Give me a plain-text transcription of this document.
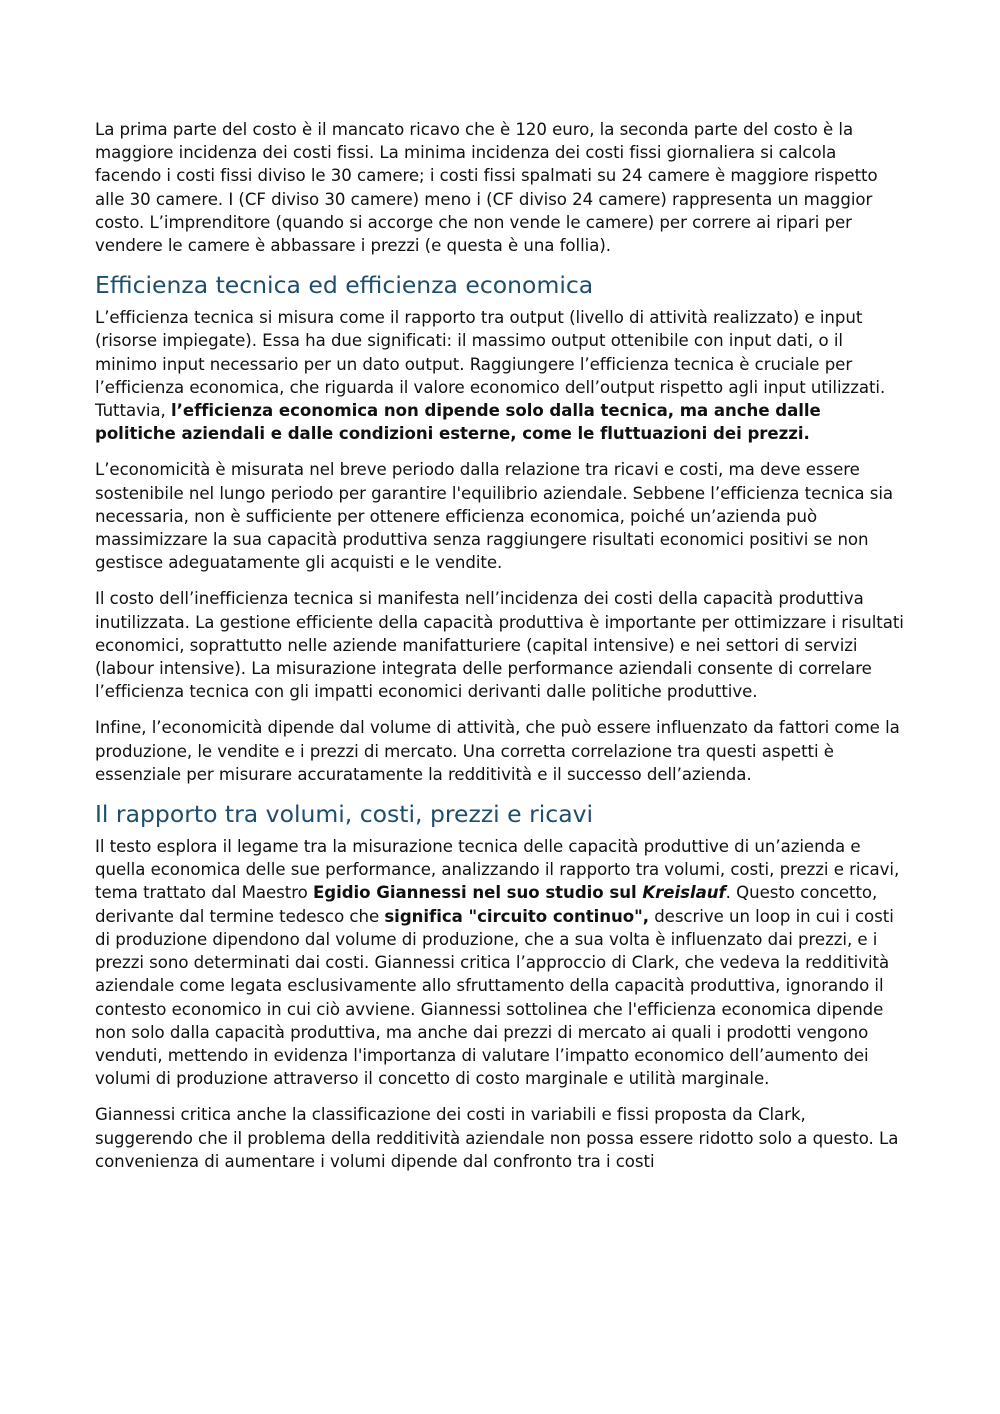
La prima parte del costo è il mancato ricavo che è 120 euro, la seconda parte del costo è la maggiore incidenza dei costi fissi. La minima incidenza dei costi fissi giornaliera si calcola facendo i costi fissi diviso le 30 camere; i costi fissi spalmati su 24 camere è maggiore rispetto alle 30 camere. I (CF diviso 30 camere) meno i (CF diviso 24 camere) rappresenta un maggior costo. L’imprenditore (quando si accorge che non vende le camere) per correre ai ripari per vendere le camere è abbassare i prezzi (e questa è una follia).

Efficienza tecnica ed efficienza economica

L’efficienza tecnica si misura come il rapporto tra output (livello di attività realizzato) e input (risorse impiegate). Essa ha due significati: il massimo output ottenibile con input dati, o il minimo input necessario per un dato output. Raggiungere l’efficienza tecnica è cruciale per l’efficienza economica, che riguarda il valore economico dell’output rispetto agli input utilizzati. Tuttavia, l’efficienza economica non dipende solo dalla tecnica, ma anche dalle politiche aziendali e dalle condizioni esterne, come le fluttuazioni dei prezzi.

L’economicità è misurata nel breve periodo dalla relazione tra ricavi e costi, ma deve essere sostenibile nel lungo periodo per garantire l'equilibrio aziendale. Sebbene l’efficienza tecnica sia necessaria, non è sufficiente per ottenere efficienza economica, poiché un’azienda può massimizzare la sua capacità produttiva senza raggiungere risultati economici positivi se non gestisce adeguatamente gli acquisti e le vendite.

Il costo dell’inefficienza tecnica si manifesta nell’incidenza dei costi della capacità produttiva inutilizzata. La gestione efficiente della capacità produttiva è importante per ottimizzare i risultati economici, soprattutto nelle aziende manifatturiere (capital intensive) e nei settori di servizi (labour intensive). La misurazione integrata delle performance aziendali consente di correlare l’efficienza tecnica con gli impatti economici derivanti dalle politiche produttive.

Infine, l’economicità dipende dal volume di attività, che può essere influenzato da fattori come la produzione, le vendite e i prezzi di mercato. Una corretta correlazione tra questi aspetti è essenziale per misurare accuratamente la redditività e il successo dell’azienda.

Il rapporto tra volumi, costi, prezzi e ricavi

Il testo esplora il legame tra la misurazione tecnica delle capacità produttive di un’azienda e quella economica delle sue performance, analizzando il rapporto tra volumi, costi, prezzi e ricavi, tema trattato dal Maestro Egidio Giannessi nel suo studio sul Kreislauf. Questo concetto, derivante dal termine tedesco che significa "circuito continuo", descrive un loop in cui i costi di produzione dipendono dal volume di produzione, che a sua volta è influenzato dai prezzi, e i prezzi sono determinati dai costi. Giannessi critica l’approccio di Clark, che vedeva la redditività aziendale come legata esclusivamente allo sfruttamento della capacità produttiva, ignorando il contesto economico in cui ciò avviene. Giannessi sottolinea che l'efficienza economica dipende non solo dalla capacità produttiva, ma anche dai prezzi di mercato ai quali i prodotti vengono venduti, mettendo in evidenza l'importanza di valutare l’impatto economico dell’aumento dei volumi di produzione attraverso il concetto di costo marginale e utilità marginale.

Giannessi critica anche la classificazione dei costi in variabili e fissi proposta da Clark, suggerendo che il problema della redditività aziendale non possa essere ridotto solo a questo. La convenienza di aumentare i volumi dipende dal confronto tra i costi
